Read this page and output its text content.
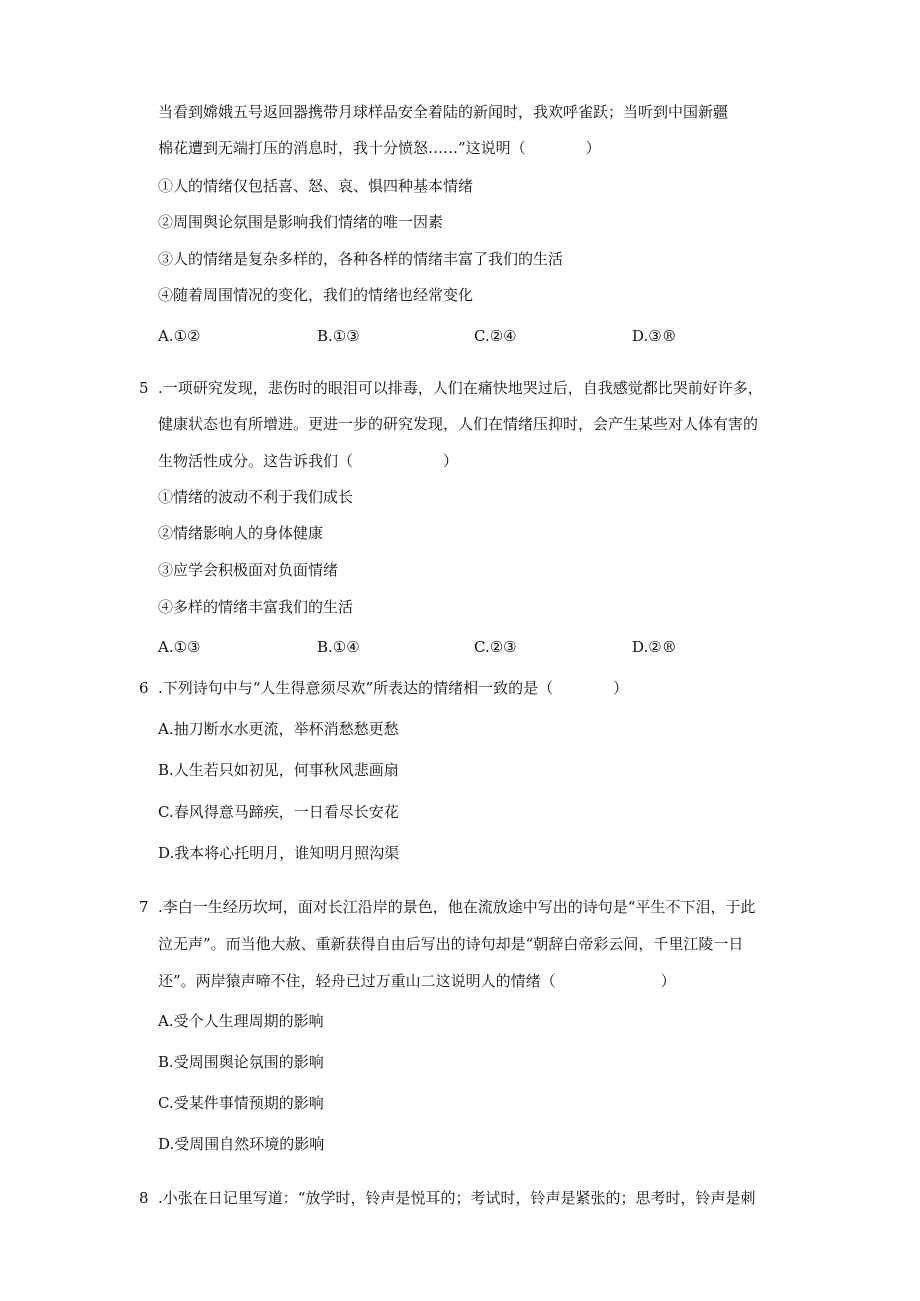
当看到嫦娥五号返回器携带月球样品安全着陆的新闻时，我欢呼雀跃；当听到中国新疆
棉花遭到无端打压的消息时，我十分愤怒……”这说明（　　　　）
①人的情绪仅包括喜、怒、哀、惧四种基本情绪
②周围舆论氛围是影响我们情绪的唯一因素
③人的情绪是复杂多样的，各种各样的情绪丰富了我们的生活
④随着周围情况的变化，我们的情绪也经常变化
A.①②	B.①③	C.②④	D.③®
5 .一项研究发现，悲伤时的眼泪可以排毒，人们在痛快地哭过后，自我感觉都比哭前好许多，
健康状态也有所增进。更进一步的研究发现，人们在情绪压抑时，会产生某些对人体有害的
生物活性成分。这告诉我们（　　　　　　）
①情绪的波动不利于我们成长
②情绪影响人的身体健康
③应学会积极面对负面情绪
④多样的情绪丰富我们的生活
A.①③	B.①④	C.②③	D.②®
6 .下列诗句中与“人生得意须尽欢”所表达的情绪相一致的是（　　　　）
A.抽刀断水水更流，举杯消愁愁更愁
B.人生若只如初见，何事秋风悲画扇
C.春风得意马蹄疾，一日看尽长安花
D.我本将心托明月，谁知明月照沟渠
7 .李白一生经历坎坷，面对长江沿岸的景色，他在流放途中写出的诗句是“平生不下泪，于此
泣无声”。而当他大赦、重新获得自由后写出的诗句却是“朝辞白帝彩云间，千里江陵一日
还”。两岸猿声啼不住，轻舟已过万重山二这说明人的情绪（　　　　　　　）
A.受个人生理周期的影响
B.受周围舆论氛围的影响
C.受某件事情预期的影响
D.受周围自然环境的影响
8 .小张在日记里写道：“放学时，铃声是悦耳的；考试时，铃声是紧张的；思考时，铃声是刺
